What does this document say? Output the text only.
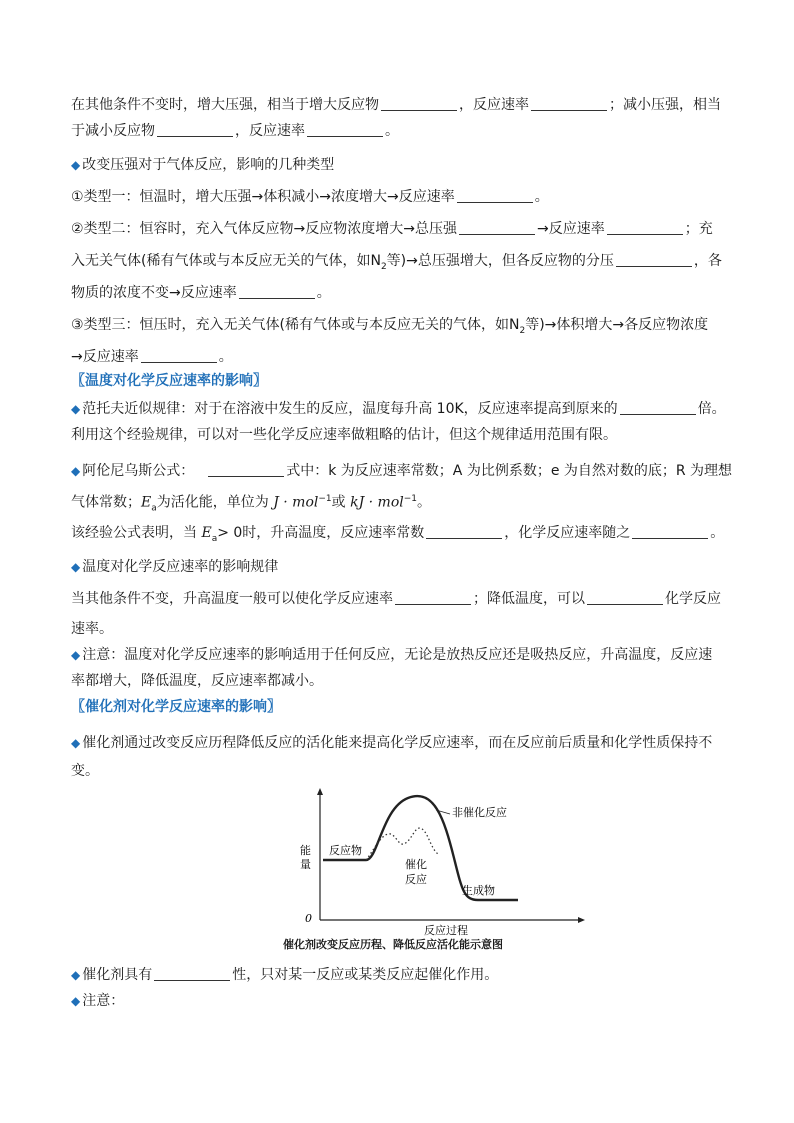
在其他条件不变时，增大压强，相当于增大反应物	，反应速率	；减小压强，相当
于减小反应物	，反应速率	。
◆ 改变压强对于气体反应，影响的几种类型
①类型一：恒温时，增大压强→体积减小→浓度增大→反应速率	。
②类型二：恒容时，充入气体反应物→反应物浓度增大→总压强	→反应速率	；充
入无关气体(稀有气体或与本反应无关的气体，如$N_2$等)→总压强增大，但各反应物的分压	，各
物质的浓度不变→反应速率	。
③类型三：恒压时，充入无关气体(稀有气体或与本反应无关的气体，如$N_2$等)→体积增大→各反应物浓度
→反应速率	。
〖温度对化学反应速率的影响〗
◆ 范托夫近似规律：对于在溶液中发生的反应，温度每升高 10K，反应速率提高到原来的	倍。
利用这个经验规律，可以对一些化学反应速率做粗略的估计，但这个规律适用范围有限。
◆ 阿伦尼乌斯公式：	式中：k 为反应速率常数；A 为比例系数；e 为自然对数的底；R 为理想
气体常数；$E_a$为活化能，单位为 J · mol$^{-1}$或 kJ · mol$^{-1}$。
该经验公式表明，当 $E_a> 0$时，升高温度，反应速率常数	，化学反应速率随之	。
◆ 温度对化学反应速率的影响规律
当其他条件不变，升高温度一般可以使化学反应速率	；降低温度，可以	化学反应
速率。
◆ 注意：温度对化学反应速率的影响适用于任何反应，无论是放热反应还是吸热反应，升高温度，反应速
率都增大，降低温度，反应速率都减小。
〖催化剂对化学反应速率的影响〗
◆ 催化剂通过改变反应历程降低反应的活化能来提高化学反应速率，而在反应前后质量和化学性质保持不
变。
非催化反应
反应物
生成物
催化
反应
能
量
0
反应过程
催化剂改变反应历程、降低反应活化能示意图
◆ 催化剂具有	性，只对某一反应或某类反应起催化作用。
◆ 注意：
